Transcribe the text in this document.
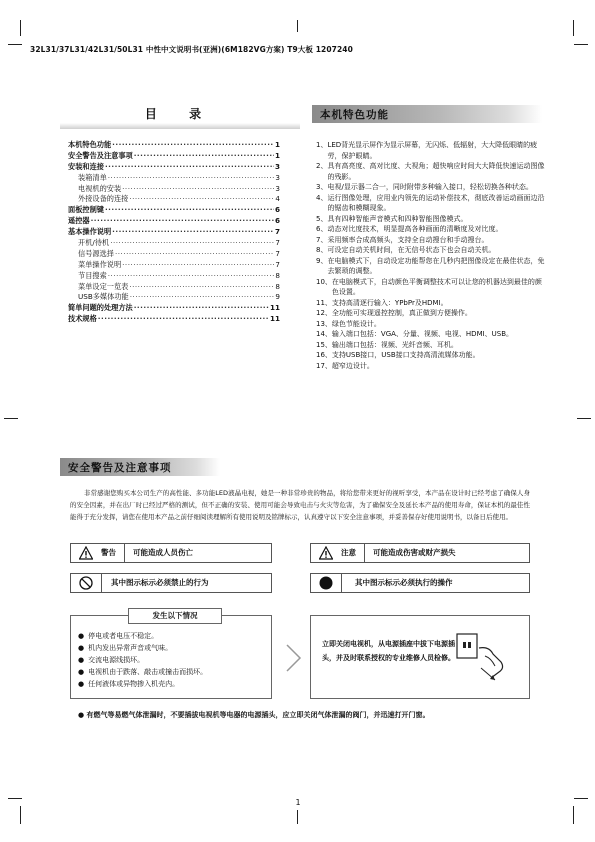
32L31/37L31/42L31/50L31 中性中文说明书(亚洲)(6M182VG方案) T9大板 1207240
目 录
本机特色功能 ·····	1
安全警告及注意事项 ·····	1
安装和连接 ·····	3
装箱清单 ·····	3
电视机的安装 ·····	3
外接设备的连接 ·····	4
面板控制键 ·····	6
遥控器 ·····	6
基本操作说明 ·····	7
开机/待机 ·····	7
信号源选择 ·····	7
菜单操作说明 ·····	7
节目搜索 ·····	8
菜单设定一览表 ·····	8
USB多媒体功能 ·····	9
简单问题的处理方法 ·····	11
技术规格 ·····	11
本机特色功能
1、 LED背光显示屏作为显示屏幕，无闪烁、低辐射，大大降低眼睛的疲劳，保护眼睛。
2、 具有高亮度、高对比度、大视角；超快响应时间大大降低快速运动图像的残影。
3、 电视/显示器二合一，同时附带多种输入接口，轻松切换各种状态。
4、 运行图像处理，应用业内领先的运动补偿技术，彻底改善运动画面边沿的锯齿和模糊现象。
5、 具有四种智能声音模式和四种智能图像模式。
6、 动态对比度技术，明显提高各种画面的清晰度及对比度。
7、 采用频率合成高频头，支持全自动搜台和手动搜台。
8、 可设定自动关机时间，在无信号状态下也会自动关机。
9、 在电脑模式下，自动设定功能帮您在几秒内把图像设定在最佳状态，免去繁琐的调整。
10、 在电脑模式下，自动颜色平衡调整技术可以让您的机器达到最佳的颜色设置。
11、 支持高清逐行输入：YPbPr及HDMI。
12、 全功能可实现遥控控制，真正做到方便操作。
13、 绿色节能设计。
14、 输入端口包括：VGA、分量、视频、电视、HDMI、USB。
15、 输出端口包括：视频、光纤音频、耳机。
16、 支持USB接口，USB接口支持高清流媒体功能。
17、 超窄边设计。
安全警告及注意事项
非常感谢您购买本公司生产的高性能、多功能LED液晶电视，她是一种非常珍贵的物品，将给您带来更好的视听享受，本产品在设计时已经考虑了确保人身的安全因素，并在出厂时已经过严格的测试，但不正确的安装、使用可能会导致电击与火灾等危害，为了确保安全及延长本产品的使用寿命，保证本机的最佳性能得于充分发挥，请您在使用本产品之前仔细阅读理解所有使用说明及铭牌标示，认真遵守以下安全注意事项，并妥善保存好使用说明书，以备日后使用。
警告 可能造成人员伤亡	注意 可能造成伤害或财产损失
其中图示标示必须禁止的行为	其中图示标示必须执行的操作
发生以下情况
● 停电或者电压不稳定。
● 机内发出异常声音或气味。
● 交流电源线损坏。
● 电视机由于跌落、敲击或撞击而损坏。
● 任何液体或异物掺入机壳内。
立即关闭电视机，从电源插座中拔下电源插头，并及时联系授权的专业维修人员检修。
● 有燃气等易燃气体泄漏时，不要插拔电视机等电器的电源插头，应立即关闭气体泄漏的阀门，并迅速打开门窗。
1
